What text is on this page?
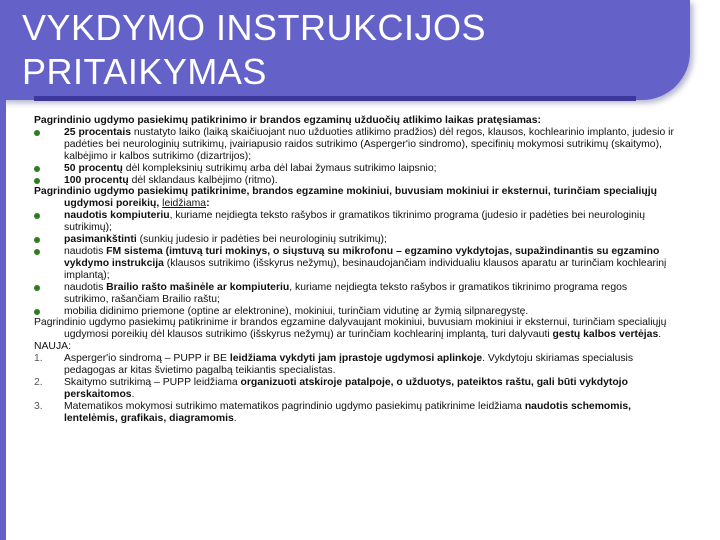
VYKDYMO INSTRUKCIJOS
PRITAIKYMAS

Pagrindinio ugdymo pasiekimų patikrinimo ir brandos egzaminų užduočių atlikimo laikas pratęsiamas:

25 procentais nustatyto laiko (laiką skaičiuojant nuo užduoties atlikimo pradžios) dėl regos, klausos, kochlearinio implanto, judesio ir padėties bei neurologinių sutrikimų, įvairiapusio raidos sutrikimo (Asperger'io sindromo), specifinių mokymosi sutrikimų (skaitymo), kalbėjimo ir kalbos sutrikimo (dizartrijos);
50 procentų dėl kompleksinių sutrikimų arba dėl labai žymaus sutrikimo laipsnio;
100 procentų dėl sklandaus kalbėjimo (ritmo).

Pagrindinio ugdymo pasiekimų patikrinime, brandos egzamine mokiniui, buvusiam mokiniui ir eksternui, turinčiam specialiųjų ugdymosi poreikių, leidžiama:

naudotis kompiuteriu, kuriame neįdiegta teksto rašybos ir gramatikos tikrinimo programa (judesio ir padėties bei neurologinių sutrikimų);
pasimankštinti (sunkių judesio ir padėties bei neurologinių sutrikimų);
naudotis FM sistema (imtuvą turi mokinys, o siųstuvą su mikrofonu – egzamino vykdytojas, supažindinantis su egzamino vykdymo instrukcija (klausos sutrikimo (išskyrus nežymų), besinaudojančiam individualiu klausos aparatu ar turinčiam kochlearinį implantą);
naudotis Brailio rašto mašinėle ar kompiuteriu, kuriame neįdiegta teksto rašybos ir gramatikos tikrinimo programa regos sutrikimo, rašančiam Brailio raštu;
mobilia didinimo priemone (optine ar elektronine), mokiniui, turinčiam vidutinę ar žymią silpnaregystę.

Pagrindinio ugdymo pasiekimų patikrinime ir brandos egzamine dalyvaujant mokiniui, buvusiam mokiniui ir eksternui, turinčiam specialiųjų ugdymosi poreikių dėl klausos sutrikimo (išskyrus nežymų) ar turinčiam kochlearinį implantą, turi dalyvauti gestų kalbos vertėjas.

NAUJA:

1. Asperger'io sindromą – PUPP ir BE leidžiama vykdyti jam įprastoje ugdymosi aplinkoje. Vykdytoju skiriamas specialusis pedagogas ar kitas švietimo pagalbą teikiantis specialistas.
2. Skaitymo sutrikimą – PUPP leidžiama organizuoti atskiroje patalpoje, o užduotys, pateiktos raštu, gali būti vykdytojo perskaitomos.
3. Matematikos mokymosi sutrikimo matematikos pagrindinio ugdymo pasiekimų patikrinime leidžiama naudotis schemomis, lentelėmis, grafikais, diagramomis.
